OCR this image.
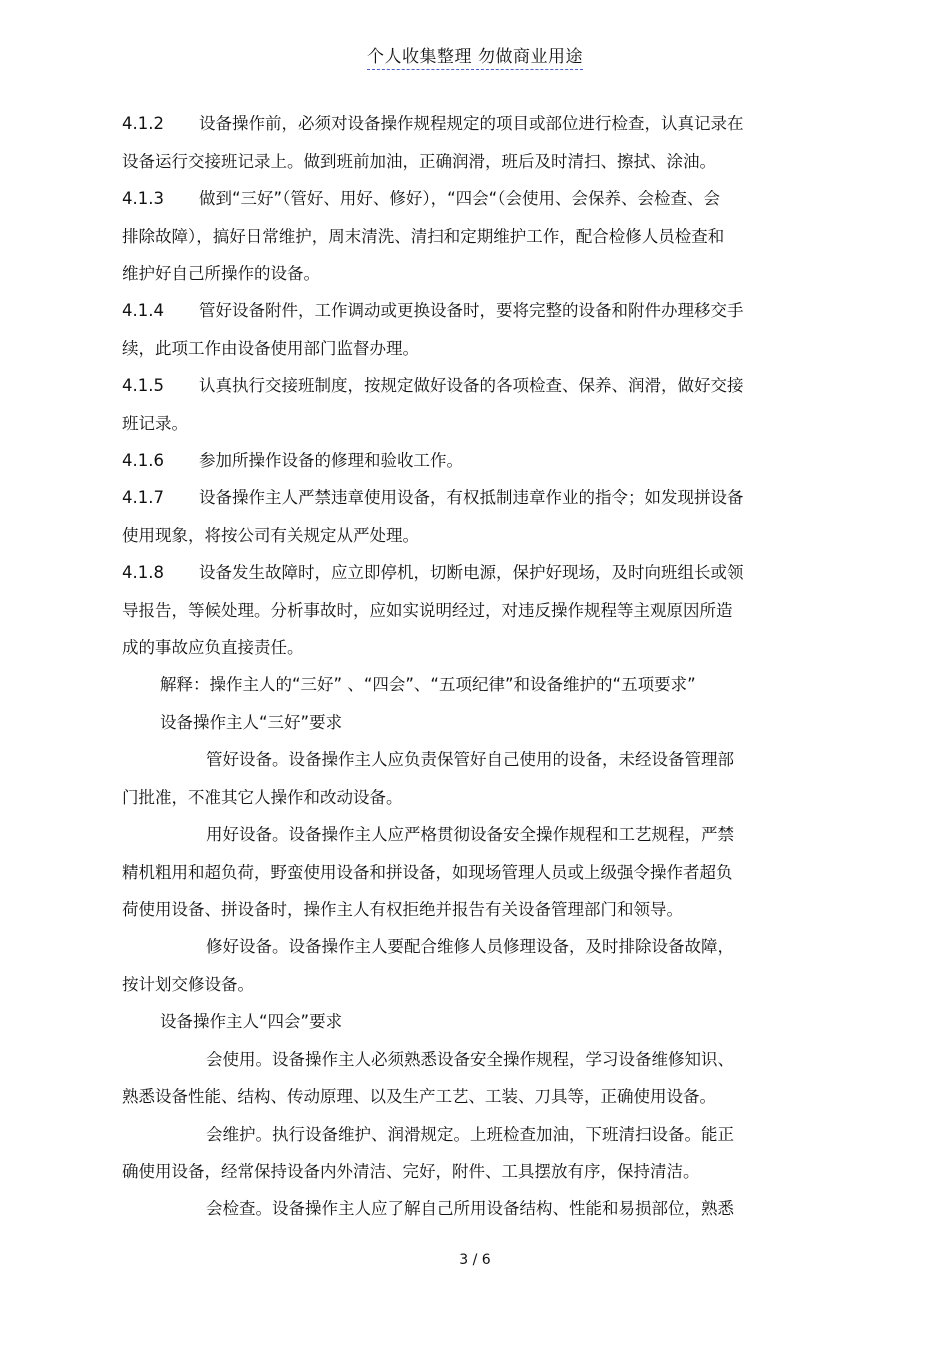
个人收集整理 勿做商业用途
4.1.2 设备操作前，必须对设备操作规程规定的项目或部位进行检查，认真记录在
设备运行交接班记录上。做到班前加油，正确润滑，班后及时清扫、擦拭、涂油。
4.1.3 做到“三好”（管好、用好、修好），“四会“（会使用、会保养、会检查、会
排除故障），搞好日常维护，周末清洗、清扫和定期维护工作，配合检修人员检查和
维护好自己所操作的设备。
4.1.4 管好设备附件，工作调动或更换设备时，要将完整的设备和附件办理移交手
续，此项工作由设备使用部门监督办理。
4.1.5 认真执行交接班制度，按规定做好设备的各项检查、保养、润滑，做好交接
班记录。
4.1.6 参加所操作设备的修理和验收工作。
4.1.7 设备操作主人严禁违章使用设备，有权抵制违章作业的指令；如发现拼设备
使用现象，将按公司有关规定从严处理。
4.1.8 设备发生故障时，应立即停机，切断电源，保护好现场，及时向班组长或领
导报告，等候处理。分析事故时，应如实说明经过，对违反操作规程等主观原因所造
成的事故应负直接责任。
解释：操作主人的“三好” 、“四会”、“五项纪律”和设备维护的“五项要求”
设备操作主人“三好”要求
管好设备。设备操作主人应负责保管好自己使用的设备，未经设备管理部
门批准，不准其它人操作和改动设备。
用好设备。设备操作主人应严格贯彻设备安全操作规程和工艺规程，严禁
精机粗用和超负荷，野蛮使用设备和拼设备，如现场管理人员或上级强令操作者超负
荷使用设备、拼设备时，操作主人有权拒绝并报告有关设备管理部门和领导。
修好设备。设备操作主人要配合维修人员修理设备，及时排除设备故障，
按计划交修设备。
设备操作主人“四会”要求
会使用。设备操作主人必须熟悉设备安全操作规程，学习设备维修知识、
熟悉设备性能、结构、传动原理、以及生产工艺、工装、刀具等，正确使用设备。
会维护。执行设备维护、润滑规定。上班检查加油，下班清扫设备。能正
确使用设备，经常保持设备内外清洁、完好，附件、工具摆放有序，保持清洁。
会检查。设备操作主人应了解自己所用设备结构、性能和易损部位，熟悉
3 / 6
